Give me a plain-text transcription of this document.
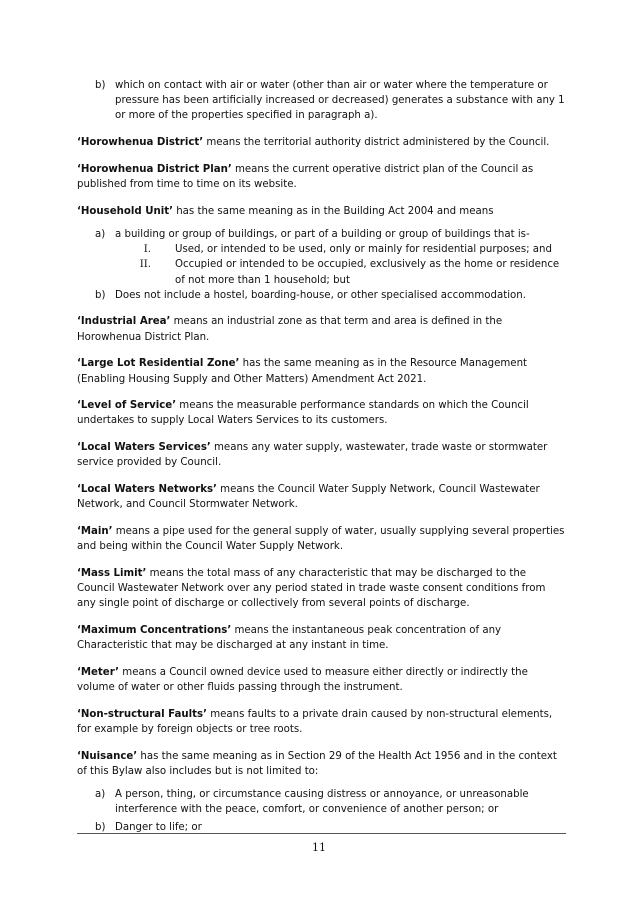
b) which on contact with air or water (other than air or water where the temperature or pressure has been artificially increased or decreased) generates a substance with any 1 or more of the properties specified in paragraph a).

‘Horowhenua District’ means the territorial authority district administered by the Council.

‘Horowhenua District Plan’ means the current operative district plan of the Council as published from time to time on its website.

‘Household Unit’ has the same meaning as in the Building Act 2004 and means

a) a building or group of buildings, or part of a building or group of buildings that is-
I. Used, or intended to be used, only or mainly for residential purposes; and
II. Occupied or intended to be occupied, exclusively as the home or residence of not more than 1 household; but
b) Does not include a hostel, boarding-house, or other specialised accommodation.

‘Industrial Area’ means an industrial zone as that term and area is defined in the Horowhenua District Plan.

‘Large Lot Residential Zone’ has the same meaning as in the Resource Management (Enabling Housing Supply and Other Matters) Amendment Act 2021.

‘Level of Service’ means the measurable performance standards on which the Council undertakes to supply Local Waters Services to its customers.

‘Local Waters Services’ means any water supply, wastewater, trade waste or stormwater service provided by Council.

‘Local Waters Networks’ means the Council Water Supply Network, Council Wastewater Network, and Council Stormwater Network.

‘Main’ means a pipe used for the general supply of water, usually supplying several properties and being within the Council Water Supply Network.

‘Mass Limit’ means the total mass of any characteristic that may be discharged to the Council Wastewater Network over any period stated in trade waste consent conditions from any single point of discharge or collectively from several points of discharge.

‘Maximum Concentrations’ means the instantaneous peak concentration of any Characteristic that may be discharged at any instant in time.

‘Meter’ means a Council owned device used to measure either directly or indirectly the volume of water or other fluids passing through the instrument.

‘Non-structural Faults’ means faults to a private drain caused by non-structural elements, for example by foreign objects or tree roots.

‘Nuisance’ has the same meaning as in Section 29 of the Health Act 1956 and in the context of this Bylaw also includes but is not limited to:

a) A person, thing, or circumstance causing distress or annoyance, or unreasonable interference with the peace, comfort, or convenience of another person; or
b) Danger to life; or
11
